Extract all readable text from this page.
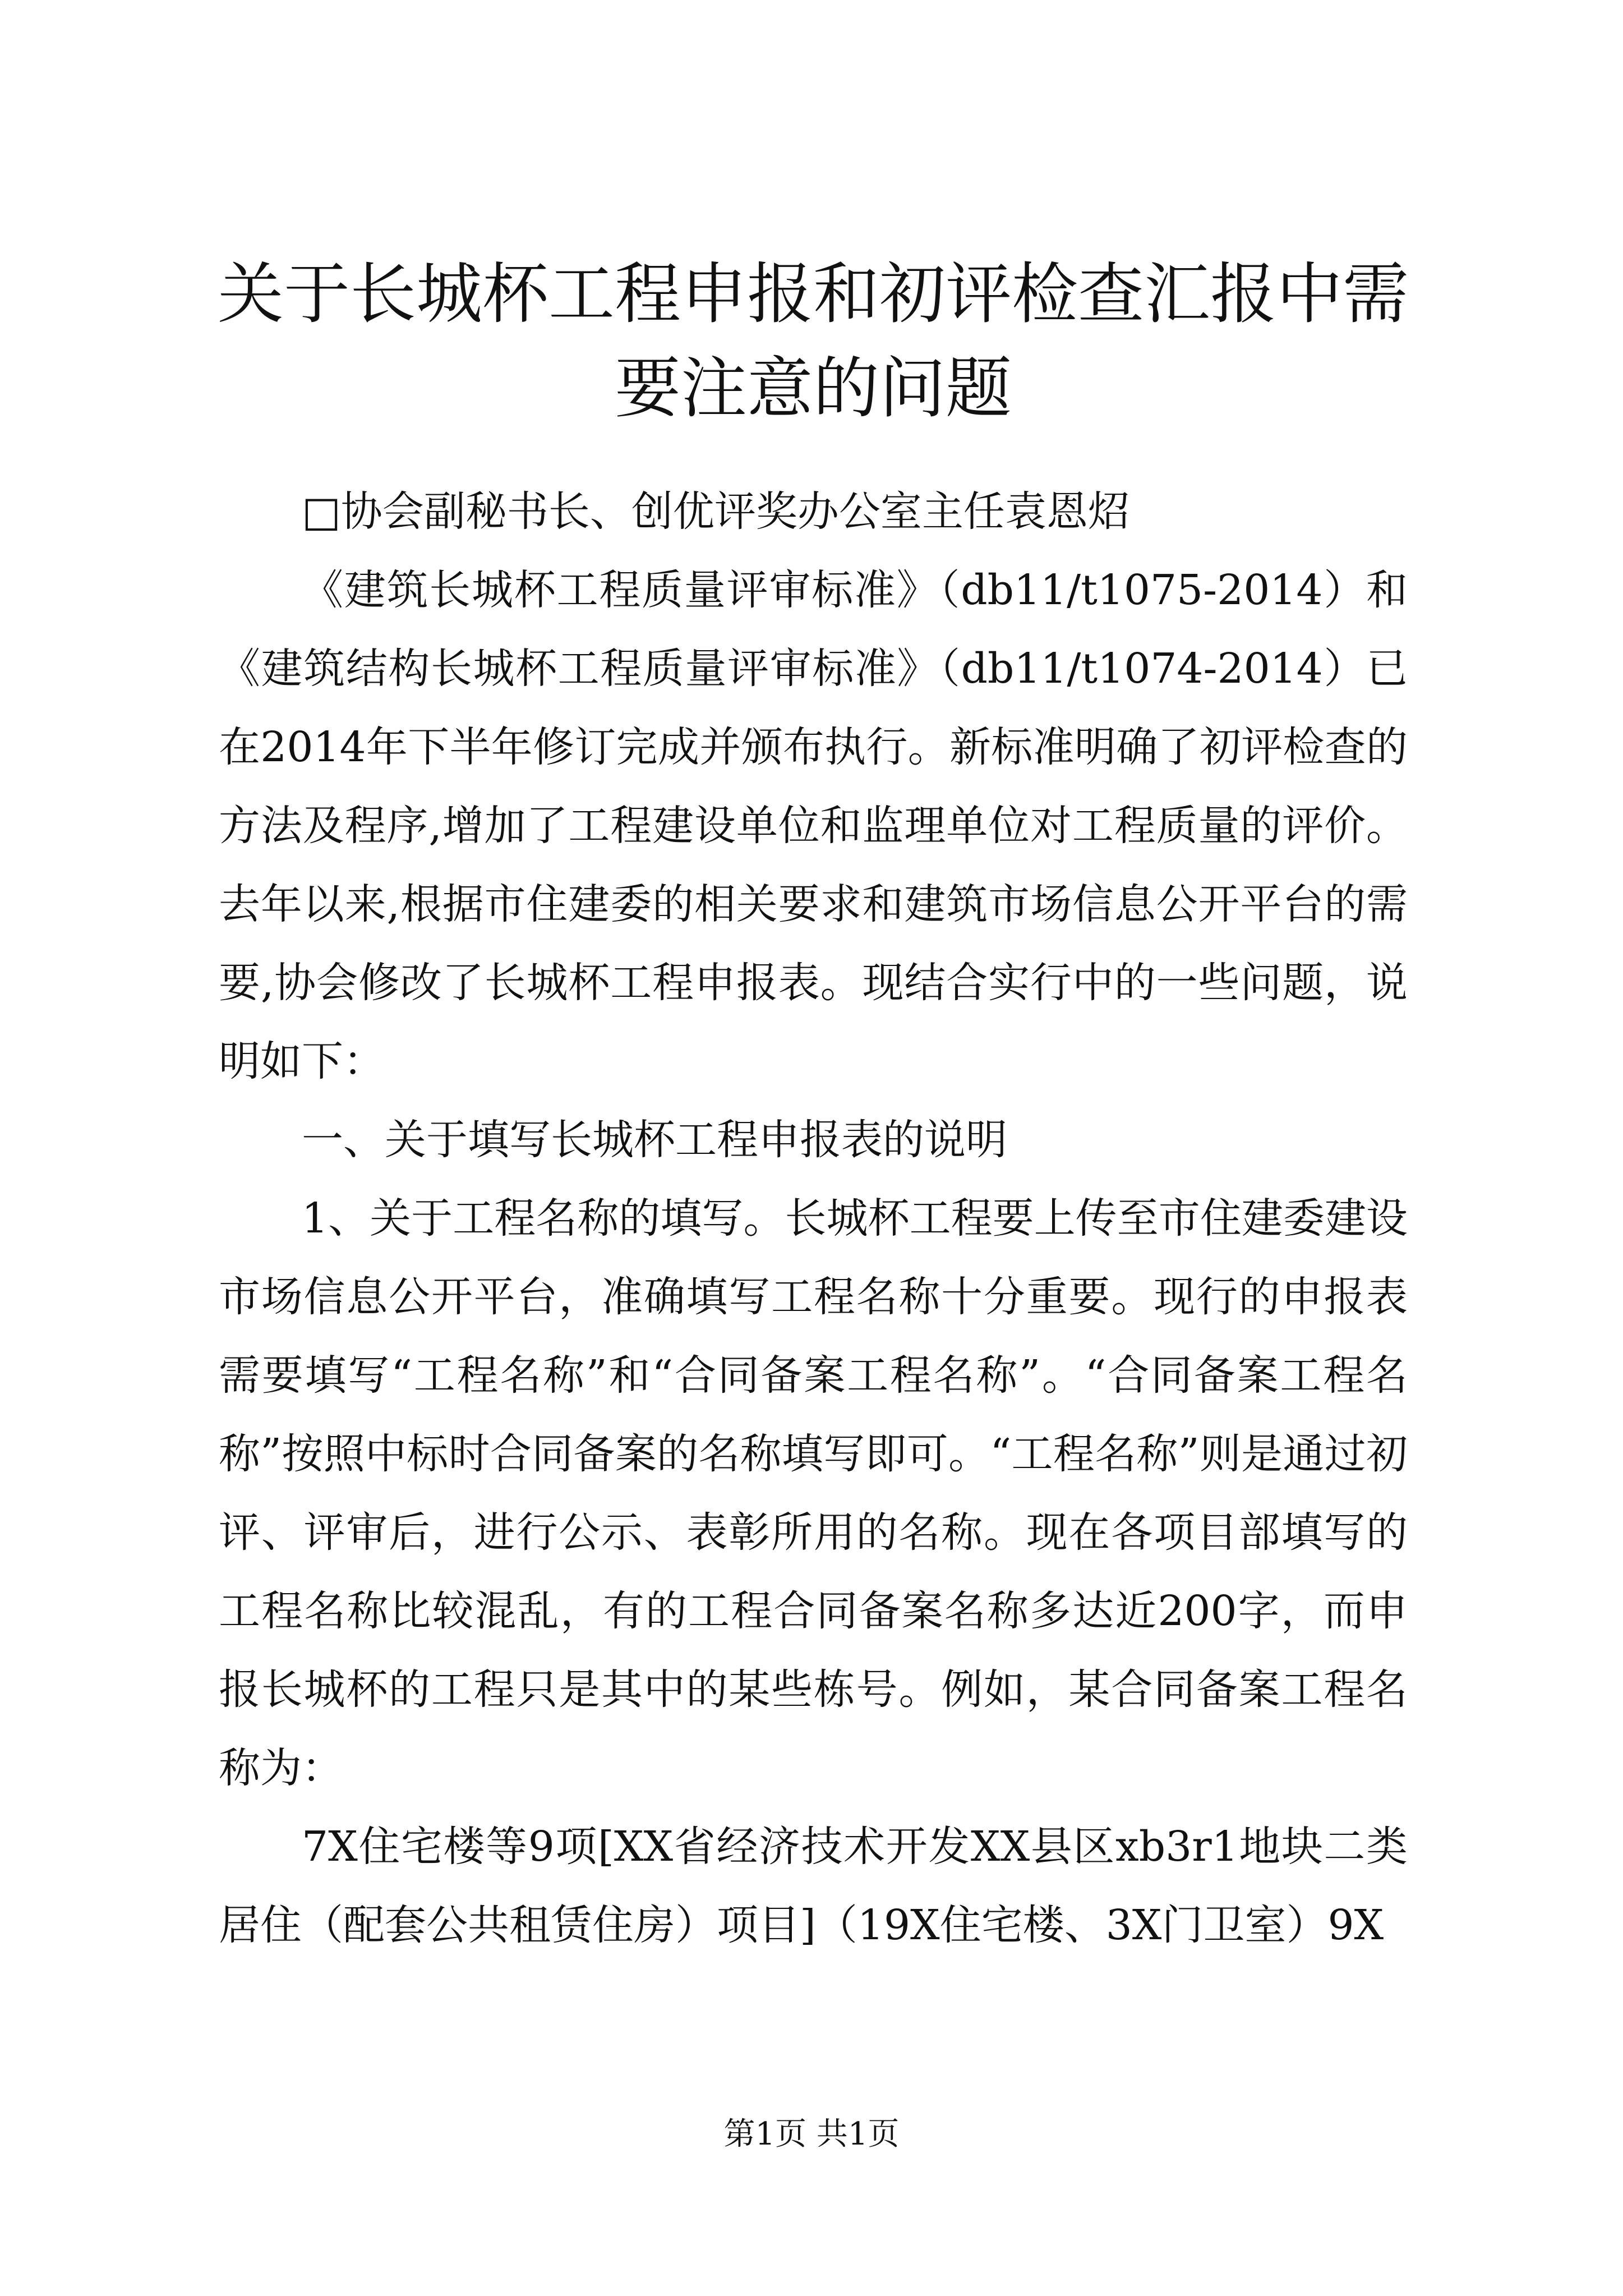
关于长城杯工程申报和初评检查汇报中需要注意的问题

□协会副秘书长、创优评奖办公室主任袁恩炤

《建筑长城杯工程质量评审标准》（db11/t1075-2014）和《建筑结构长城杯工程质量评审标准》（db11/t1074-2014）已在2014年下半年修订完成并颁布执行。新标准明确了初评检查的方法及程序,增加了工程建设单位和监理单位对工程质量的评价。去年以来,根据市住建委的相关要求和建筑市场信息公开平台的需要,协会修改了长城杯工程申报表。现结合实行中的一些问题，说明如下：

一、关于填写长城杯工程申报表的说明

1、关于工程名称的填写。长城杯工程要上传至市住建委建设市场信息公开平台，准确填写工程名称十分重要。现行的申报表需要填写“工程名称”和“合同备案工程名称”。“合同备案工程名称”按照中标时合同备案的名称填写即可。“工程名称”则是通过初评、评审后，进行公示、表彰所用的名称。现在各项目部填写的工程名称比较混乱，有的工程合同备案名称多达近200字，而申报长城杯的工程只是其中的某些栋号。例如，某合同备案工程名称为：

7X住宅楼等9项[XX省经济技术开发XX县区xb3r1地块二类居住（配套公共租赁住房）项目]（19X住宅楼、3X门卫室）9X

第1页 共1页
